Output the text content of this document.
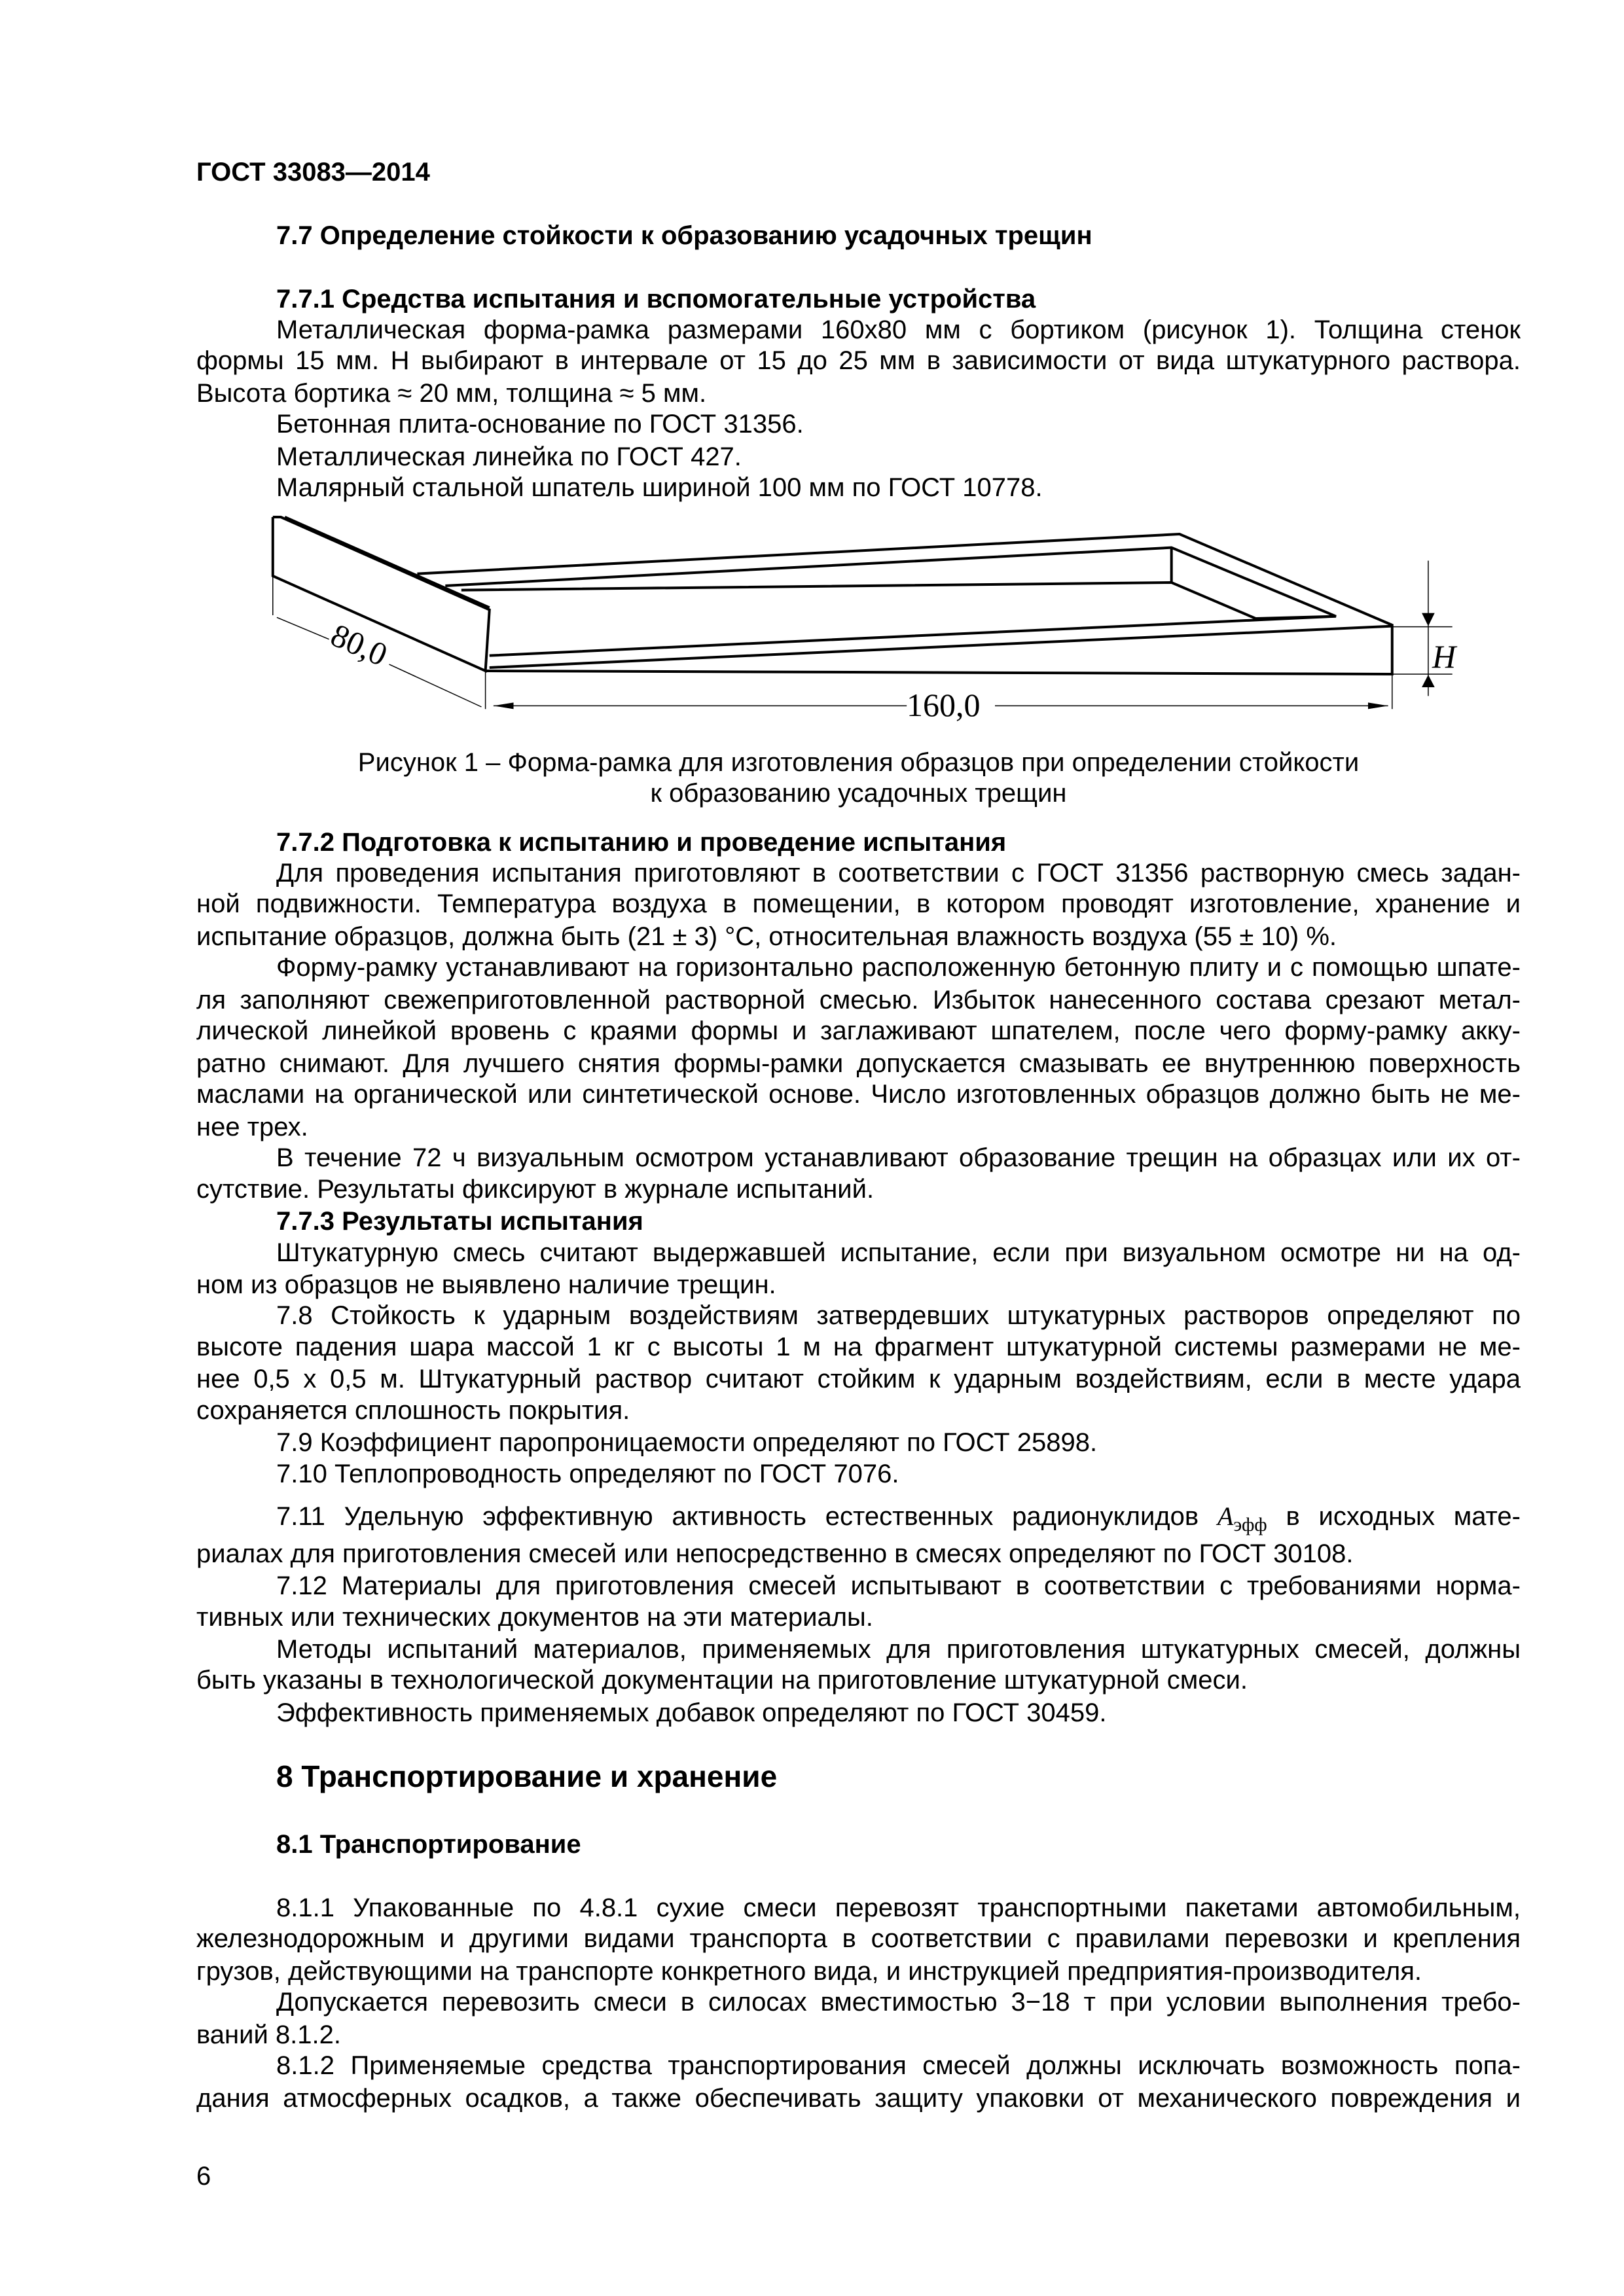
ГОСТ 33083—2014
7.7 Определение стойкости к образованию усадочных трещин
7.7.1 Средства испытания и вспомогательные устройства
Металлическая форма-рамка размерами 160х80 мм с бортиком (рисунок 1). Толщина стенок
формы 15 мм. H выбирают в интервале от 15 до 25 мм в зависимости от вида штукатурного раствора.
Высота бортика ≈ 20 мм, толщина ≈ 5 мм.
Бетонная плита-основание по ГОСТ 31356.
Металлическая линейка по ГОСТ 427.
Малярный стальной шпатель шириной 100 мм по ГОСТ 10778.
80,0
160,0
H
Рисунок 1 – Форма-рамка для изготовления образцов при определении стойкости
к образованию усадочных трещин
7.7.2 Подготовка к испытанию и проведение испытания
Для проведения испытания приготовляют в соответствии с ГОСТ 31356 растворную смесь задан-
ной подвижности. Температура воздуха в помещении, в котором проводят изготовление, хранение и
испытание образцов, должна быть (21 ± 3) °С, относительная влажность воздуха (55 ± 10) %.
Форму-рамку устанавливают на горизонтально расположенную бетонную плиту и с помощью шпате-
ля заполняют свежеприготовленной растворной смесью. Избыток нанесенного состава срезают метал-
лической линейкой вровень с краями формы и заглаживают шпателем, после чего форму-рамку акку-
ратно снимают. Для лучшего снятия формы-рамки допускается смазывать ее внутреннюю поверхность
маслами на органической или синтетической основе. Число изготовленных образцов должно быть не ме-
нее трех.
В течение 72 ч визуальным осмотром устанавливают образование трещин на образцах или их от-
сутствие. Результаты фиксируют в журнале испытаний.
7.7.3 Результаты испытания
Штукатурную смесь считают выдержавшей испытание, если при визуальном осмотре ни на од-
ном из образцов не выявлено наличие трещин.
7.8 Стойкость к ударным воздействиям затвердевших штукатурных растворов определяют по
высоте падения шара массой 1 кг с высоты 1 м на фрагмент штукатурной системы размерами не ме-
нее 0,5 х 0,5 м. Штукатурный раствор считают стойким к ударным воздействиям, если в месте удара
сохраняется сплошность покрытия.
7.9 Коэффициент паропроницаемости определяют по ГОСТ 25898.
7.10 Теплопроводность определяют по ГОСТ 7076.
7.11 Удельную эффективную активность естественных радионуклидов $A_{эфф}$ в исходных мате-
риалах для приготовления смесей или непосредственно в смесях определяют по ГОСТ 30108.
7.12 Материалы для приготовления смесей испытывают в соответствии с требованиями норма-
тивных или технических документов на эти материалы.
Методы испытаний материалов, применяемых для приготовления штукатурных смесей, должны
быть указаны в технологической документации на приготовление штукатурной смеси.
Эффективность применяемых добавок определяют по ГОСТ 30459.
8 Транспортирование и хранение
8.1 Транспортирование
8.1.1 Упакованные по 4.8.1 сухие смеси перевозят транспортными пакетами автомобильным,
железнодорожным и другими видами транспорта в соответствии с правилами перевозки и крепления
грузов, действующими на транспорте конкретного вида, и инструкцией предприятия-производителя.
Допускается перевозить смеси в силосах вместимостью 3−18 т при условии выполнения требо-
ваний 8.1.2.
8.1.2 Применяемые средства транспортирования смесей должны исключать возможность попа-
дания атмосферных осадков, а также обеспечивать защиту упаковки от механического повреждения и
6
